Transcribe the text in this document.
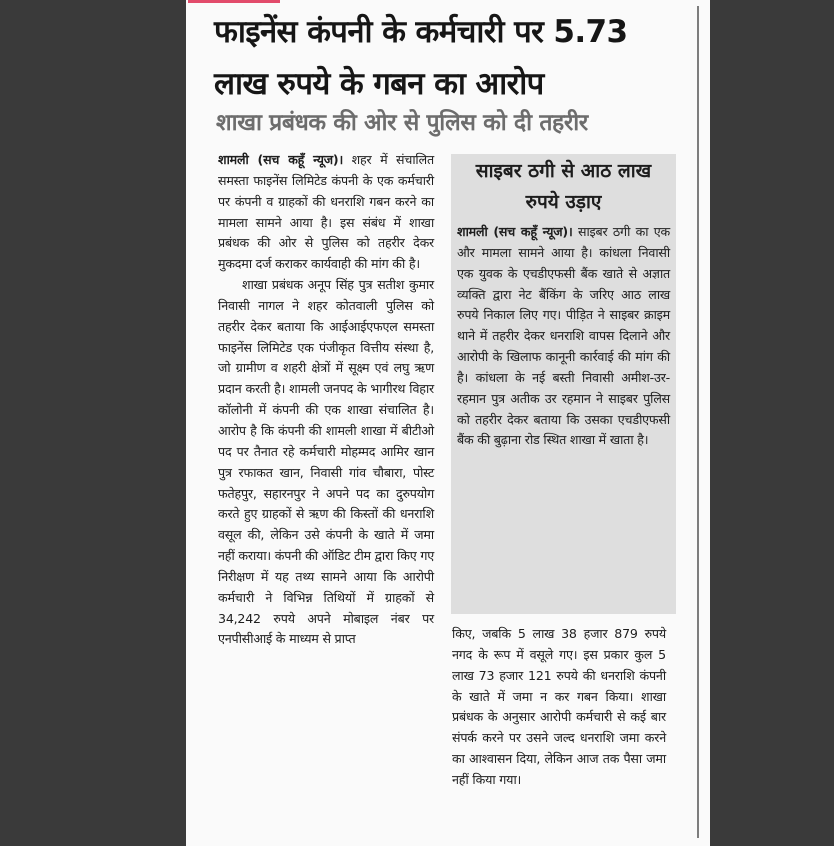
फाइनेंस कंपनी के कर्मचारी पर 5.73 लाख रुपये के गबन का आरोप
शाखा प्रबंधक की ओर से पुलिस को दी तहरीर

शामली (सच कहूँ न्यूज)। शहर में संचालित समस्ता फाइनेंस लिमिटेड कंपनी के एक कर्मचारी पर कंपनी व ग्राहकों की धनराशि गबन करने का मामला सामने आया है। इस संबंध में शाखा प्रबंधक की ओर से पुलिस को तहरीर देकर मुकदमा दर्ज कराकर कार्यवाही की मांग की है।

शाखा प्रबंधक अनूप सिंह पुत्र सतीश कुमार निवासी नागल ने शहर कोतवाली पुलिस को तहरीर देकर बताया कि आईआईएफएल समस्ता फाइनेंस लिमिटेड एक पंजीकृत वित्तीय संस्था है, जो ग्रामीण व शहरी क्षेत्रों में सूक्ष्म एवं लघु ऋण प्रदान करती है। शामली जनपद के भागीरथ विहार कॉलोनी में कंपनी की एक शाखा संचालित है। आरोप है कि कंपनी की शामली शाखा में बीटीओ पद पर तैनात रहे कर्मचारी मोहम्मद आमिर खान पुत्र रफाकत खान, निवासी गांव चौबारा, पोस्ट फतेहपुर, सहारनपुर ने अपने पद का दुरुपयोग करते हुए ग्राहकों से ऋण की किस्तों की धनराशि वसूल की, लेकिन उसे कंपनी के खाते में जमा नहीं कराया। कंपनी की ऑडिट टीम द्वारा किए गए निरीक्षण में यह तथ्य सामने आया कि आरोपी कर्मचारी ने विभिन्न तिथियों में ग्राहकों से 34,242 रुपये अपने मोबाइल नंबर पर एनपीसीआई के माध्यम से प्राप्त

साइबर ठगी से आठ लाख रुपये उड़ाए

शामली (सच कहूँ न्यूज)। साइबर ठगी का एक और मामला सामने आया है। कांधला निवासी एक युवक के एचडीएफसी बैंक खाते से अज्ञात व्यक्ति द्वारा नेट बैंकिंग के जरिए आठ लाख रुपये निकाल लिए गए। पीड़ित ने साइबर क्राइम थाने में तहरीर देकर धनराशि वापस दिलाने और आरोपी के खिलाफ कानूनी कार्रवाई की मांग की है। कांधला के नई बस्ती निवासी अमीश-उर-रहमान पुत्र अतीक उर रहमान ने साइबर पुलिस को तहरीर देकर बताया कि उसका एचडीएफसी बैंक की बुढ़ाना रोड स्थित शाखा में खाता है।

किए, जबकि 5 लाख 38 हजार 879 रुपये नगद के रूप में वसूले गए। इस प्रकार कुल 5 लाख 73 हजार 121 रुपये की धनराशि कंपनी के खाते में जमा न कर गबन किया। शाखा प्रबंधक के अनुसार आरोपी कर्मचारी से कई बार संपर्क करने पर उसने जल्द धनराशि जमा करने का आश्वासन दिया, लेकिन आज तक पैसा जमा नहीं किया गया।
